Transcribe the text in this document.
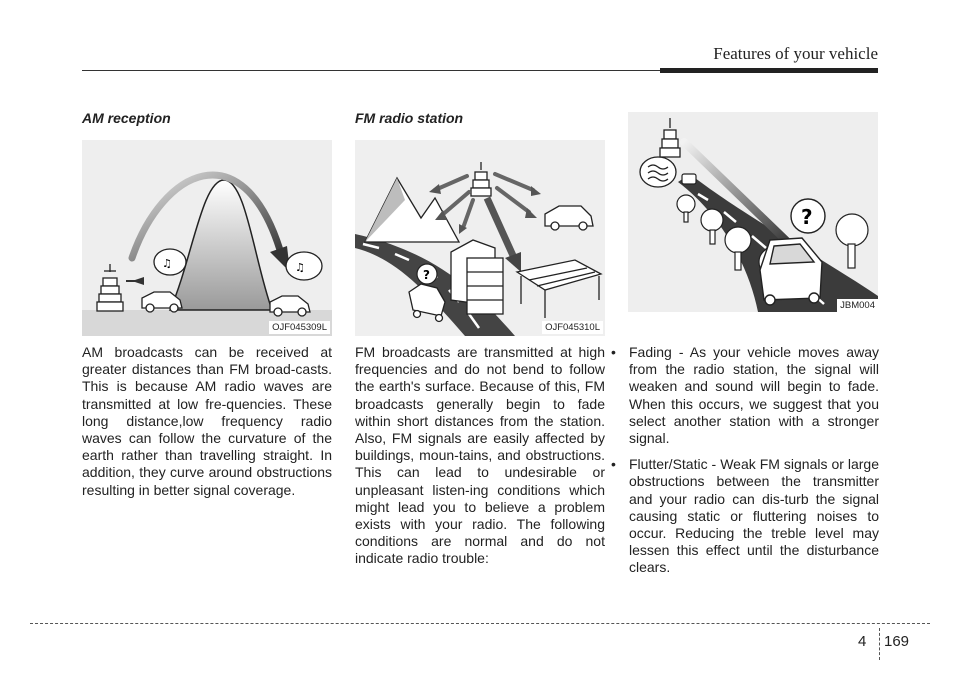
Features of your vehicle
AM reception
♫	♫
OJF045309L
AM broadcasts can be received at greater distances than FM broad-casts. This is because AM radio waves are transmitted at low fre-quencies. These long distance,low frequency radio waves can follow the curvature of the earth rather than travelling straight. In addition, they curve around obstructions resulting in better signal coverage.
FM radio station
?
OJF045310L
FM broadcasts are transmitted at high frequencies and do not bend to follow the earth's surface. Because of this, FM broadcasts generally begin to fade within short distances from the station. Also, FM signals are easily affected by buildings, moun-tains, and obstructions. This can lead to undesirable or unpleasant listen-ing conditions which might lead you to believe a problem exists with your radio. The following conditions are normal and do not indicate radio trouble:
?
JBM004
• Fading - As your vehicle moves away from the radio station, the signal will weaken and sound will begin to fade. When this occurs, we suggest that you select another station with a stronger signal.
• Flutter/Static - Weak FM signals or large obstructions between the transmitter and your radio can dis-turb the signal causing static or fluttering noises to occur. Reducing the treble level may lessen this effect until the disturbance clears.
4 169
